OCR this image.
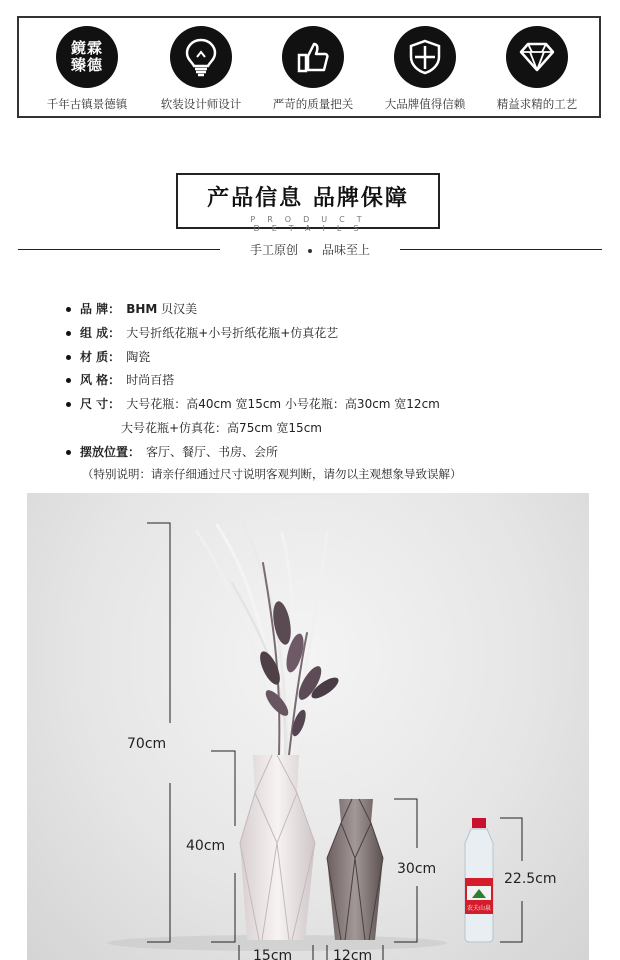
鏡霖 臻德
千年古镇景德镇	软装设计师设计	严苛的质量把关	大品牌值得信赖	精益求精的工艺
产品信息 品牌保障
PRODUCT DETAILS
手工原创 品味至上
品 牌： BHM 贝汉美
组 成： 大号折纸花瓶+小号折纸花瓶+仿真花艺
材 质： 陶瓷
风 格： 时尚百搭
尺 寸： 大号花瓶：高40cm 宽15cm 小号花瓶：高30cm 宽12cm
大号花瓶+仿真花：高75cm 宽15cm
摆放位置： 客厅、餐厅、书房、会所
（特别说明：请亲仔细通过尺寸说明客观判断，请勿以主观想象导致误解）
农夫山泉
70cm
40cm
30cm
22.5cm
15cm	12cm
